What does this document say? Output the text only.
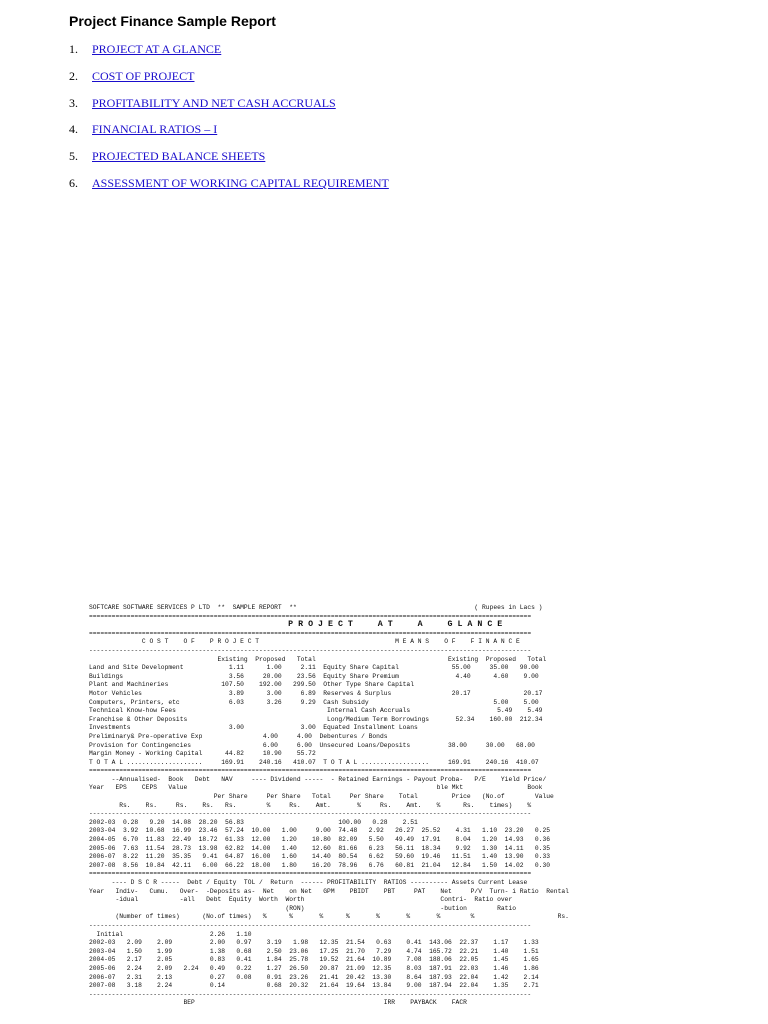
Project Finance Sample Report
1.	PROJECT AT A GLANCE
2.	COST OF PROJECT
3.	PROFITABILITY AND NET CASH ACCRUALS
4.	FINANCIAL RATIOS – I
5.	PROJECTED BALANCE SHEETS
6.	ASSESSMENT OF WORKING CAPITAL REQUIREMENT
SOFTCARE SOFTWARE SERVICES P LTD  **  SAMPLE REPORT  **                                               ( Rupees in Lacs )
=====================================================================================================================
P R O J E C T     A T     A     G L A N C E
=====================================================================================================================
C O S T    O F    P R O J E C T                                    M E A N S    O F    F I N A N C E
---------------------------------------------------------------------------------------------------------------------
Existing  Proposed   Total                                   Existing  Proposed   Total
Land and Site Development            1.11      1.00     2.11  Equity Share Capital              55.00     35.00   90.00
Buildings                            3.56     20.00    23.56  Equity Share Premium               4.40      4.60    9.00
Plant and Machineries              107.50    192.00   299.50  Other Type Share Capital
Motor Vehicles                       3.89      3.00     6.89  Reserves & Surplus                20.17              20.17
Computers, Printers, etc             6.03      3.26     9.29  Cash Subsidy                                 5.00    5.00
Technical Know-how Fees                                        Internal Cash Accruals                       5.49    5.49
Franchise & Other Deposits                                     Long/Medium Term Borrowings       52.34    160.00  212.34
Investments                          3.00               3.00  Equated Installment Loans
Preliminary& Pre-operative Exp                4.00     4.00  Debentures / Bonds
Provision for Contingencies                   6.00     6.00  Unsecured Loans/Deposits          38.00     30.00   68.00
Margin Money - Working Capital      44.82     10.90    55.72
T O T A L ....................     169.91    240.16   410.07  T O T A L ..................     169.91    240.16  410.07
=====================================================================================================================
--Annualised-  Book   Debt   NAV     ---- Dividend -----  - Retained Earnings - Payout Proba-   P/E    Yield Price/
Year   EPS    CEPS   Value                                                                  ble Mkt                 Book
Per Share     Per Share   Total     Per Share    Total         Price   (No.of        Value
Rs.    Rs.     Rs.    Rs.   Rs.        %     Rs.    Amt.       %     Rs.    Amt.    %      Rs.    times)    %
---------------------------------------------------------------------------------------------------------------------
2002-03  0.28   9.20  14.08  28.20  56.83                         100.00   0.28    2.51
2003-04  3.92  10.68  16.99  23.46  57.24  10.00   1.00     9.00  74.48   2.92   26.27  25.52    4.31   1.10  23.20   0.25
2004-05  6.70  11.83  22.49  18.72  61.33  12.00   1.20    10.80  82.09   5.50   49.49  17.91    8.04   1.20  14.93   0.36
2005-06  7.63  11.54  28.73  13.98  62.82  14.00   1.40    12.60  81.66   6.23   56.11  18.34    9.92   1.30  14.11   0.35
2006-07  8.22  11.20  35.35   9.41  64.87  16.00   1.60    14.40  80.54   6.62   59.60  19.46   11.51   1.40  13.90   0.33
2007-08  8.56  10.84  42.11   6.00  66.22  18.00   1.80    16.20  78.96   6.76   60.81  21.04   12.84   1.50  14.02   0.30
=====================================================================================================================
---- D S C R -----  Debt / Equity  TOL /  Return  ------ PROFITABILITY  RATIOS ---------- Assets Current Lease
Year   Indiv-   Cumu.   Over-  -Deposits as-  Net    on Net   GPM    PBIDT    PBT     PAT    Net     P/V  Turn- i Ratio  Rental
-idual           -all   Debt  Equity  Worth  Worth                                    Contri-  Ratio over
(RON)                                    -bution        Ratio
(Number of times)      (No.of times)   %      %       %      %       %       %       %        %                      Rs.
---------------------------------------------------------------------------------------------------------------------
Initial                       2.26   1.10
2002-03   2.09    2.09          2.00   0.97    3.19   1.98   12.35  21.54   0.63    0.41  143.06  22.37    1.17    1.33
2003-04   1.50    1.99          1.38   0.68    2.50  23.06   17.25  21.70   7.29    4.74  165.72  22.21    1.40    1.51
2004-05   2.17    2.05          0.83   0.41    1.84  25.78   19.52  21.64  10.89    7.08  188.06  22.05    1.45    1.65
2005-06   2.24    2.09   2.24   0.49   0.22    1.27  26.50   20.87  21.09  12.35    8.03  187.91  22.03    1.46    1.86
2006-07   2.31    2.13          0.27   0.08    0.91  23.26   21.41  20.42  13.30    8.64  187.93  22.04    1.42    2.14
2007-08   3.18    2.24          0.14           0.68  20.32   21.64  19.64  13.84    9.00  187.94  22.04    1.35    2.71
---------------------------------------------------------------------------------------------------------------------
BEP                                                  IRR    PAYBACK    FACR
